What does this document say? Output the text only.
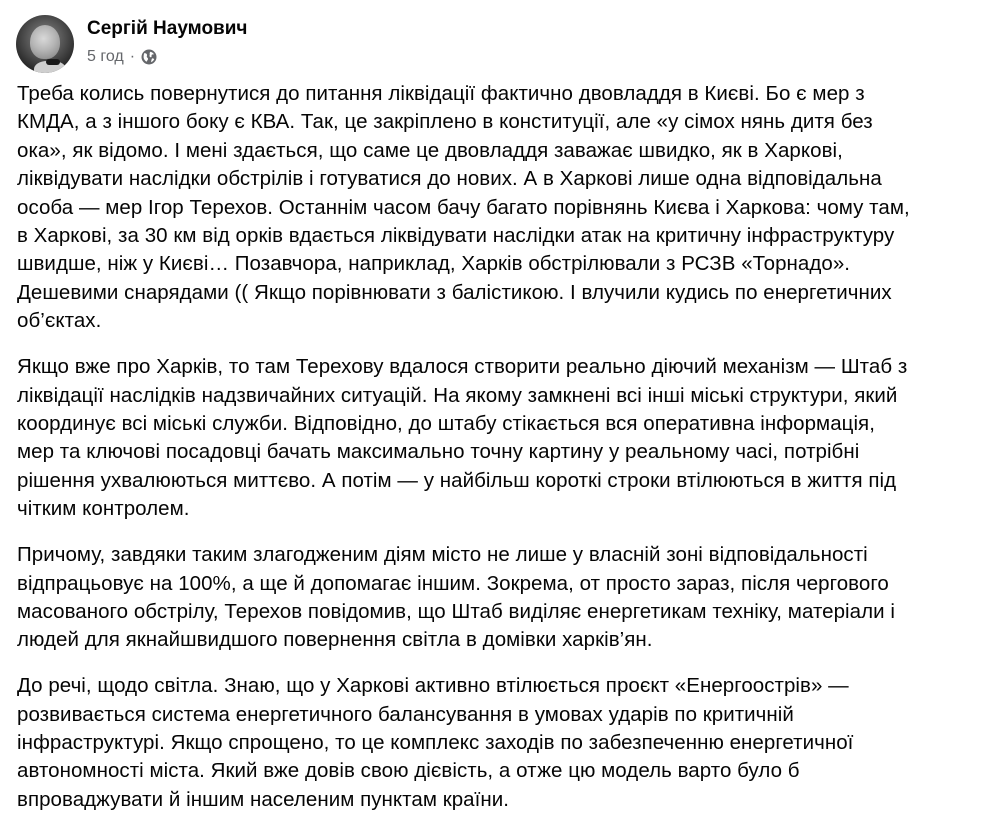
Сергій Наумович
5 год ·
Треба колись повернутися до питання ліквідації фактично двовладдя в Києві. Бо є мер з
КМДА, а з іншого боку є КВА. Так, це закріплено в конституції, але «у сімох нянь дитя без
ока», як відомо. І мені здається, що саме це двовладдя заважає швидко, як в Харкові,
ліквідувати наслідки обстрілів і готуватися до нових. А в Харкові лише одна відповідальна
особа — мер Ігор Терехов. Останнім часом бачу багато порівнянь Києва і Харкова: чому там,
в Харкові, за 30 км від орків вдається ліквідувати наслідки атак на критичну інфраструктуру
швидше, ніж у Києві… Позавчора, наприклад, Харків обстрілювали з РСЗВ «Торнадо».
Дешевими снарядами (( Якщо порівнювати з балістикою. І влучили кудись по енергетичних
об’єктах.
Якщо вже про Харків, то там Терехову вдалося створити реально діючий механізм — Штаб з
ліквідації наслідків надзвичайних ситуацій. На якому замкнені всі інші міські структури, який
координує всі міські служби. Відповідно, до штабу стікається вся оперативна інформація,
мер та ключові посадовці бачать максимально точну картину у реальному часі, потрібні
рішення ухвалюються миттєво. А потім — у найбільш короткі строки втілюються в життя під
чітким контролем.
Причому, завдяки таким злагодженим діям місто не лише у власній зоні відповідальності
відпрацьовує на 100%, а ще й допомагає іншим. Зокрема, от просто зараз, після чергового
масованого обстрілу, Терехов повідомив, що Штаб виділяє енергетикам техніку, матеріали і
людей для якнайшвидшого повернення світла в домівки харків’ян.
До речі, щодо світла. Знаю, що у Харкові активно втілюється проєкт «Енергоострів» —
розвивається система енергетичного балансування в умовах ударів по критичній
інфраструктурі. Якщо спрощено, то це комплекс заходів по забезпеченню енергетичної
автономності міста. Який вже довів свою дієвість, а отже цю модель варто було б
впроваджувати й іншим населеним пунктам країни.
